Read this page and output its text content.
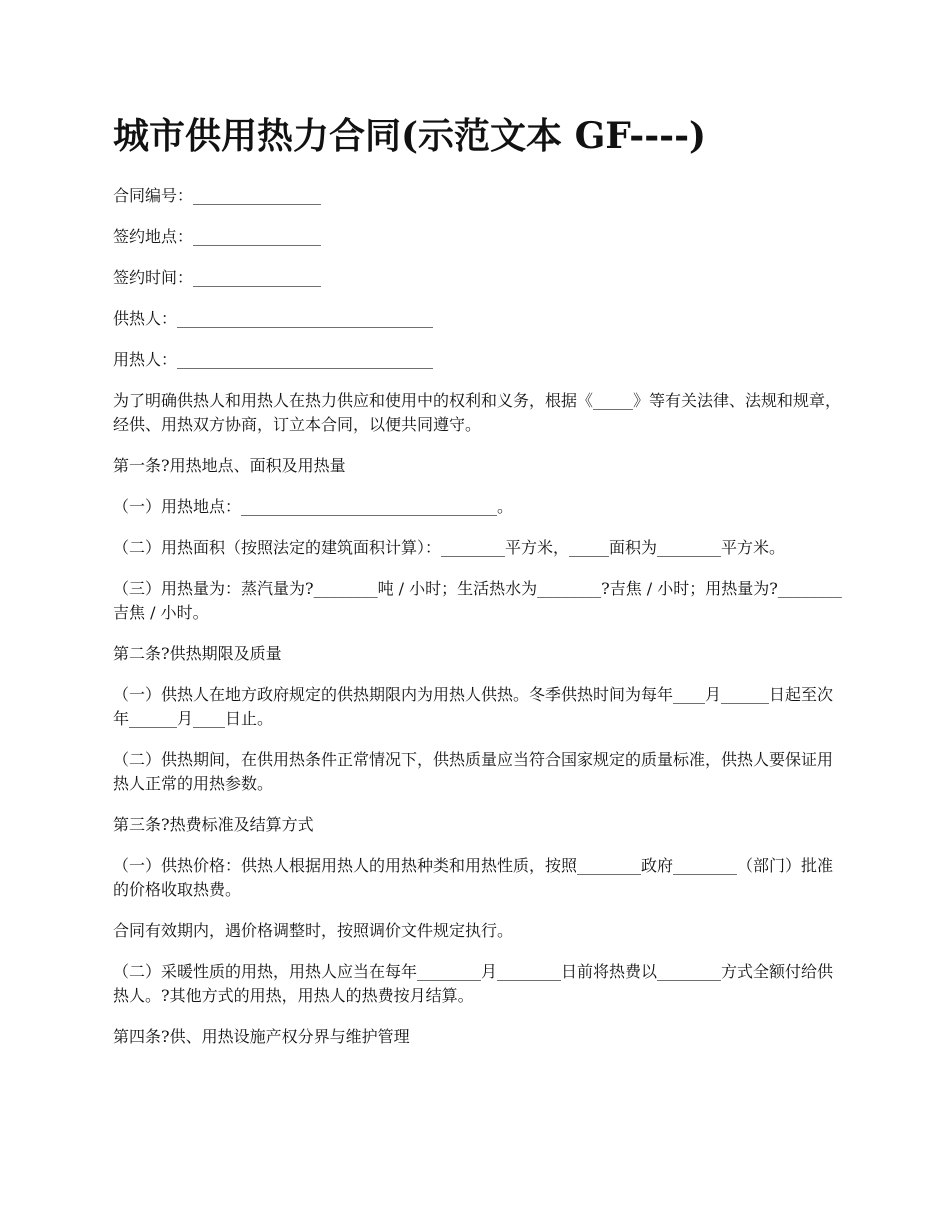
城市供用热力合同(示范文本 GF----)
合同编号：________________
签约地点：________________
签约时间：________________
供热人：________________________________
用热人：________________________________

为了明确供热人和用热人在热力供应和使用中的权利和义务，根据《_____》等有关法律、法规和规章，经供、用热双方协商，订立本合同，以便共同遵守。

第一条?用热地点、面积及用热量

（一）用热地点：________________________________。

（二）用热面积（按照法定的建筑面积计算）：________平方米，_____面积为________平方米。

（三）用热量为：蒸汽量为?________吨 / 小时；生活热水为________?吉焦 / 小时；用热量为?________吉焦 / 小时。

第二条?供热期限及质量

（一）供热人在地方政府规定的供热期限内为用热人供热。冬季供热时间为每年____月______日起至次年______月____日止。

（二）供热期间，在供用热条件正常情况下，供热质量应当符合国家规定的质量标准，供热人要保证用热人正常的用热参数。

第三条?热费标准及结算方式

（一）供热价格：供热人根据用热人的用热种类和用热性质，按照________政府________（部门）批准的价格收取热费。

合同有效期内，遇价格调整时，按照调价文件规定执行。

（二）采暖性质的用热，用热人应当在每年________月________日前将热费以________方式全额付给供热人。?其他方式的用热，用热人的热费按月结算。

第四条?供、用热设施产权分界与维护管理
